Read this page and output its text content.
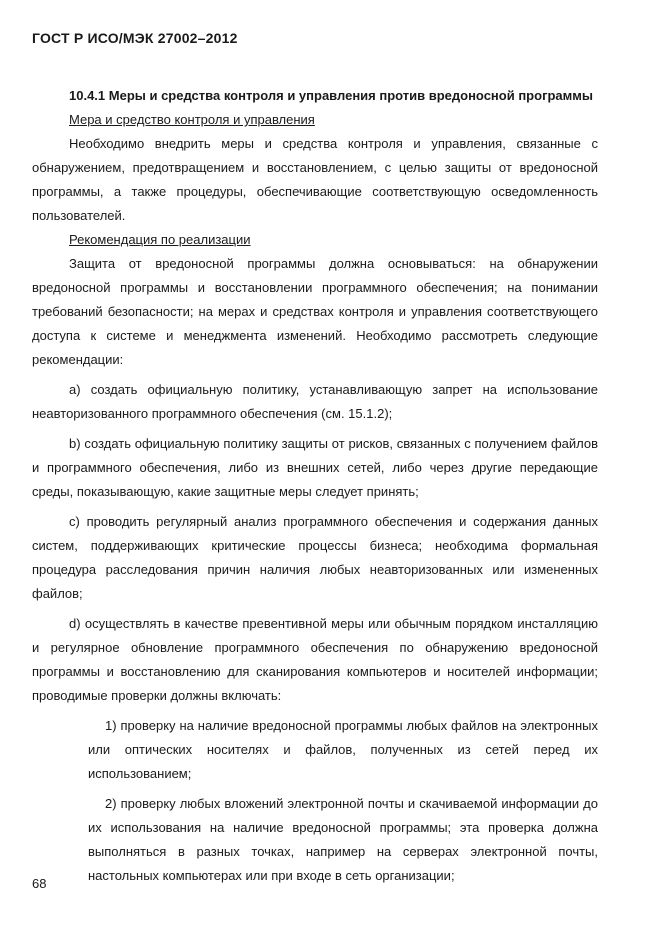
ГОСТ Р ИСО/МЭК 27002–2012

10.4.1 Меры и средства контроля и управления против вредоносной программы

Мера и средство контроля и управления

Необходимо внедрить меры и средства контроля и управления, связанные с обнаружением, предотвращением и восстановлением, с целью защиты от вредоносной программы, а также процедуры, обеспечивающие соответствующую осведомленность пользователей.

Рекомендация по реализации

Защита от вредоносной программы должна основываться: на обнаружении вредоносной программы и восстановлении программного обеспечения; на понимании требований безопасности; на мерах и средствах контроля и управления соответствующего доступа к системе и менеджмента изменений. Необходимо рассмотреть следующие рекомендации:

а) создать официальную политику, устанавливающую запрет на использование неавторизованного программного обеспечения (см. 15.1.2);

b) создать официальную политику защиты от рисков, связанных с получением файлов и программного обеспечения, либо из внешних сетей, либо через другие передающие среды, показывающую, какие защитные меры следует принять;

с) проводить регулярный анализ программного обеспечения и содержания данных систем, поддерживающих критические процессы бизнеса; необходима формальная процедура расследования причин наличия любых неавторизованных или измененных файлов;

d) осуществлять в качестве превентивной меры или обычным порядком инсталляцию и регулярное обновление программного обеспечения по обнаружению вредоносной программы и восстановлению для сканирования компьютеров и носителей информации; проводимые проверки должны включать:

1) проверку на наличие вредоносной программы любых файлов на электронных или оптических носителях и файлов, полученных из сетей перед их использованием;

2) проверку любых вложений электронной почты и скачиваемой информации до их использования на наличие вредоносной программы; эта проверка должна выполняться в разных точках, например на серверах электронной почты, настольных компьютерах или при входе в сеть организации;

68
